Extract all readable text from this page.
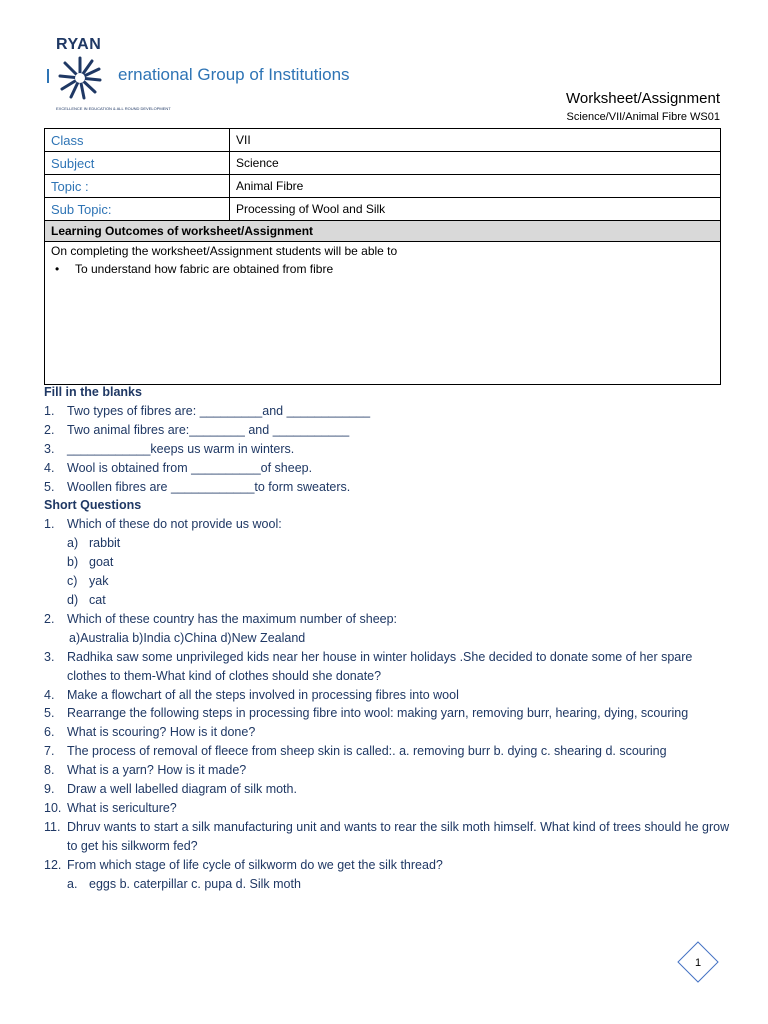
RYAN
EXCELLENCE IN EDUCATION & ALL ROUND DEVELOPMENT
ernational Group of Institutions
Worksheet/Assignment
Science/VII/Animal Fibre WS01
Class	VII
Subject	Science
Topic :	Animal Fibre
Sub Topic:	Processing of Wool and Silk
Learning Outcomes of worksheet/Assignment	

On completing the worksheet/Assignment students will be able to
• To understand how fabric are obtained from fibre
Fill in the blanks
1. Two types of fibres are: _________and ____________
2. Two animal fibres are:________ and ___________
3. ____________keeps us warm in winters.
4. Wool is obtained from __________of sheep.
5. Woollen fibres are ____________to form sweaters.
Short Questions
1. Which of these do not provide us wool:
a) rabbit
b) goat
c) yak
d) cat
2. Which of these country has the maximum number of sheep:
a)Australia b)India c)China d)New Zealand
3. Radhika saw some unprivileged kids near her house in winter holidays .She decided to donate some of her spare clothes to them-What kind of clothes should she donate?
4. Make a flowchart of all the steps involved in processing fibres into wool
5. Rearrange the following steps in processing fibre into wool: making yarn, removing burr, hearing, dying, scouring
6. What is scouring? How is it done?
7. The process of removal of fleece from sheep skin is called:. a. removing burr b. dying c. shearing d. scouring
8. What is a yarn? How is it made?
9. Draw a well labelled diagram of silk moth.
10. What is sericulture?
11. Dhruv wants to start a silk manufacturing unit and wants to rear the silk moth himself. What kind of trees should he grow to get his silkworm fed?
12. From which stage of life cycle of silkworm do we get the silk thread?
a. eggs b. caterpillar c. pupa d. Silk moth
1
